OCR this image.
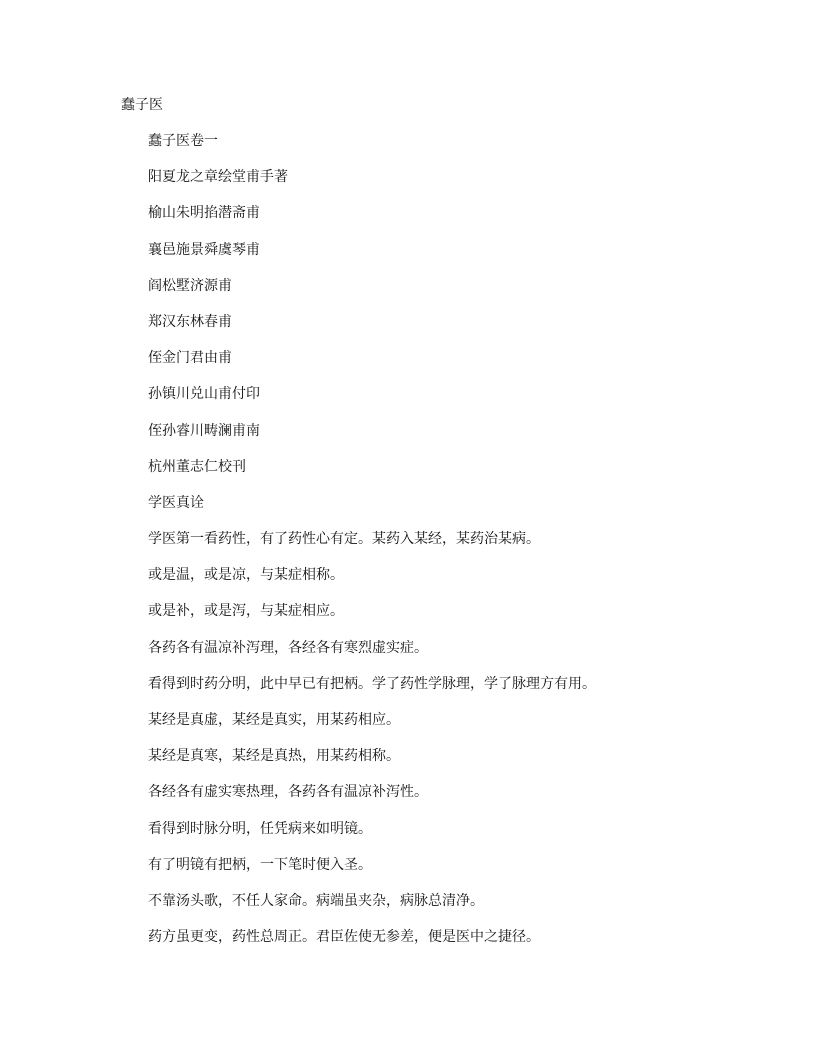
蠢子医
蠢子医卷一
阳夏龙之章绘堂甫手著
榆山朱明掐潜斋甫
襄邑施景舜虞琴甫
阎松墅济源甫
郑汉东林春甫
侄金门君由甫
孙镇川兑山甫付印
侄孙睿川畴澜甫南
杭州董志仁校刊
学医真诠
学医第一看药性，有了药性心有定。某药入某经，某药治某病。
或是温，或是凉，与某症相称。
或是补，或是泻，与某症相应。
各药各有温凉补泻理，各经各有寒烈虚实症。
看得到时药分明，此中早已有把柄。学了药性学脉理，学了脉理方有用。
某经是真虚，某经是真实，用某药相应。
某经是真寒，某经是真热，用某药相称。
各经各有虚实寒热理，各药各有温凉补泻性。
看得到时脉分明，任凭病来如明镜。
有了明镜有把柄，一下笔时便入圣。
不靠汤头歌，不任人家命。病端虽夹杂，病脉总清净。
药方虽更变，药性总周正。君臣佐使无参差，便是医中之捷径。
